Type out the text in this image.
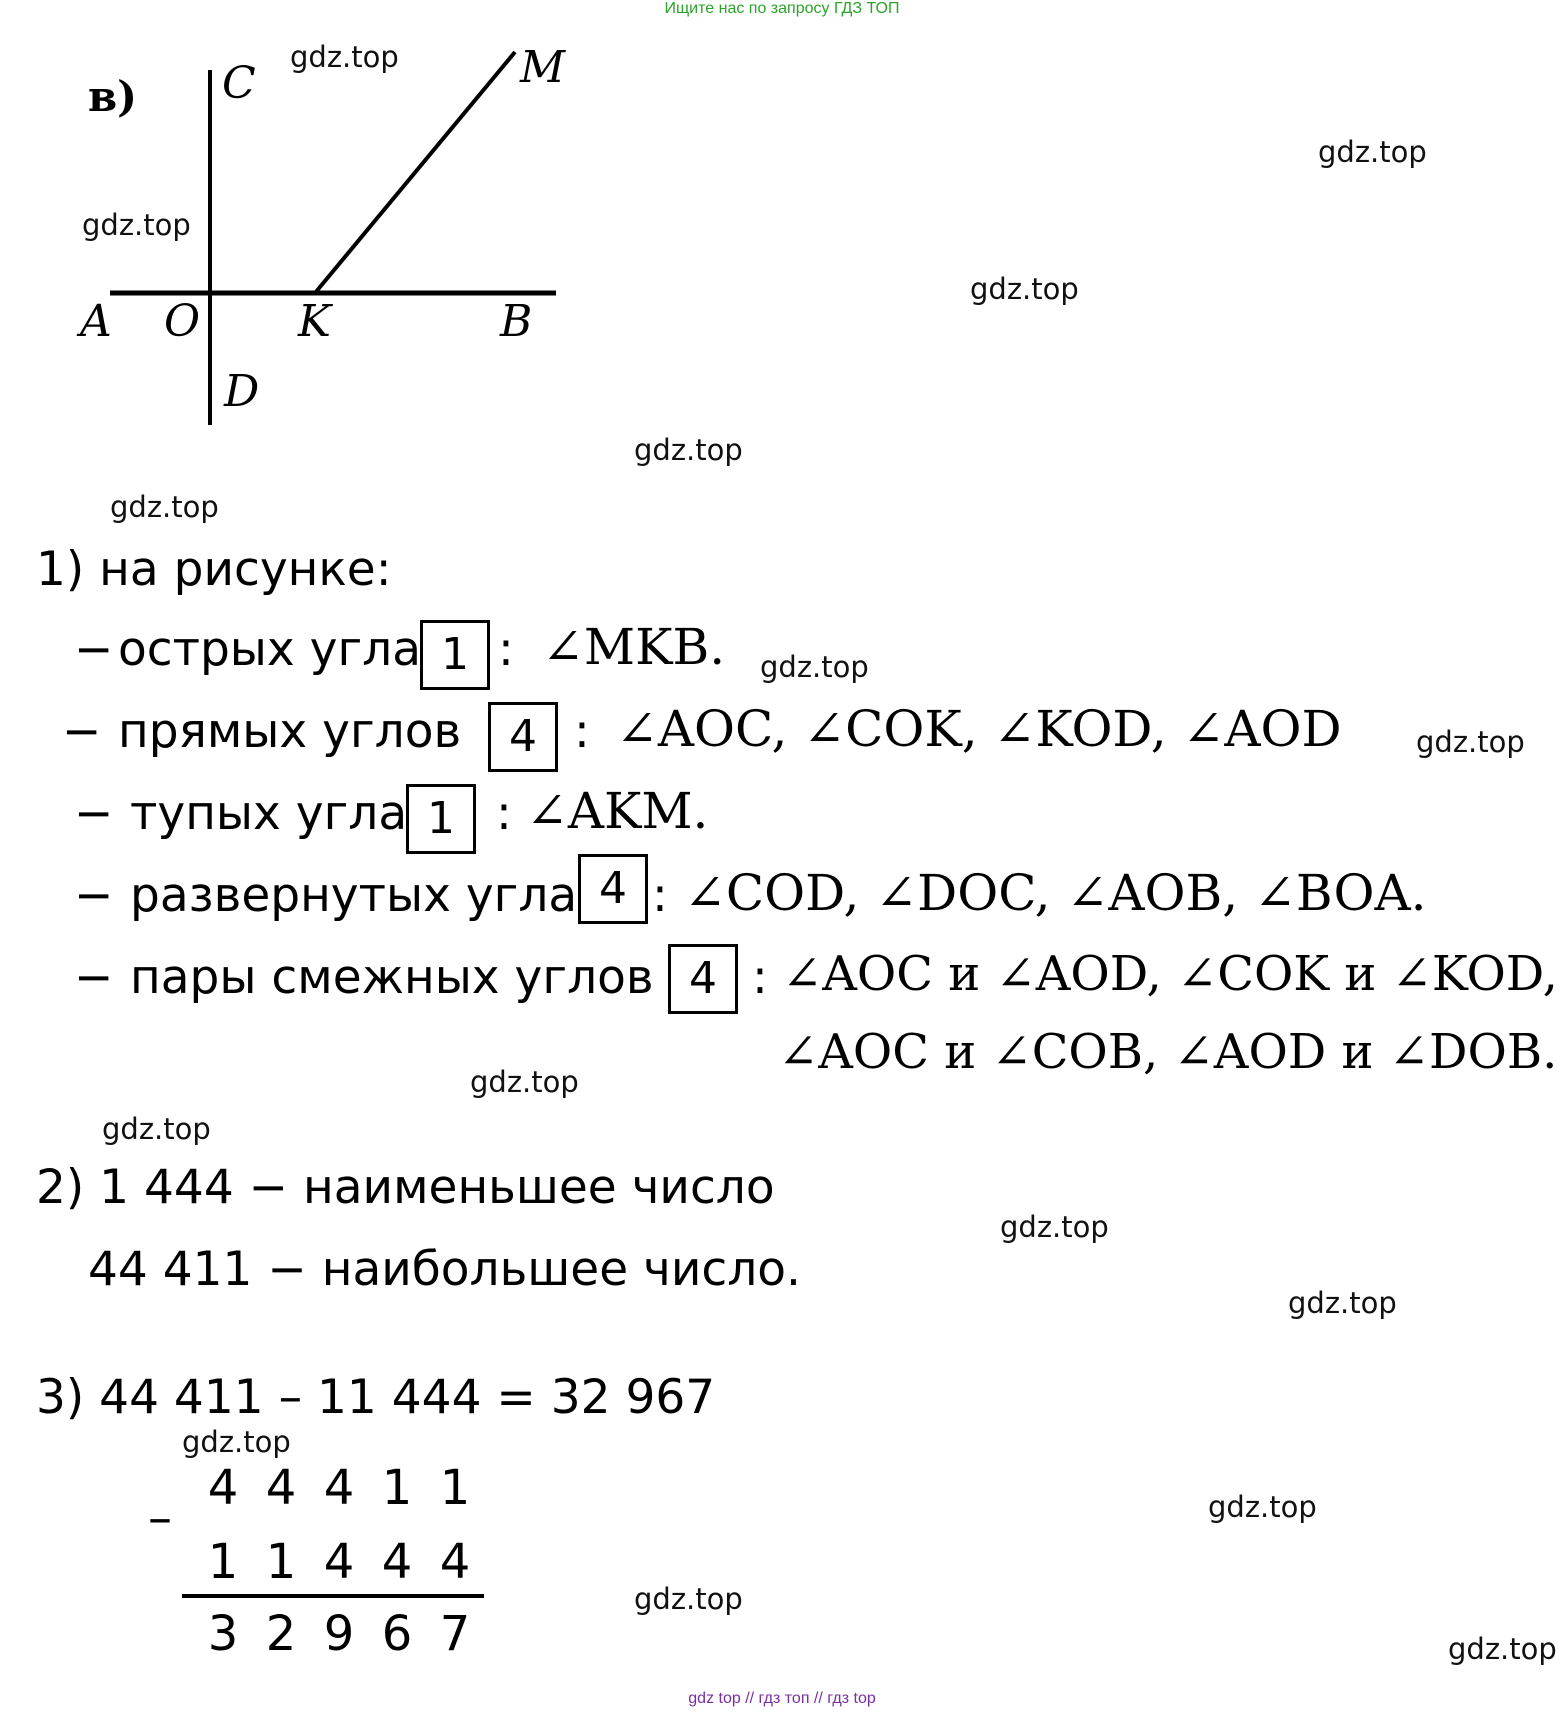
Ищите нас по запросу ГДЗ ТОП
gdz top // гдз топ // гдз top
gdz.top
gdz.top
gdz.top
gdz.top
gdz.top
gdz.top
gdz.top
gdz.top
gdz.top
gdz.top
gdz.top
gdz.top
gdz.top
gdz.top
gdz.top
gdz.top
в) C	M
A O K	B
D
1) на рисунке:
− острых угла 1 : ∠MKB.
− прямых углов	4 : ∠AOC, ∠COK, ∠KOD, ∠AOD
− тупых угла 1 : ∠AKM.
− развернутых угла 4 : ∠COD, ∠DOC, ∠AOB, ∠BOA.
− пары смежных углов 4 : ∠AOC и ∠AOD, ∠COK и ∠KOD,
∠AOC и ∠COB, ∠AOD и ∠DOB.
2) 1 444 − наименьшее число
44 411 − наибольшее число.
3) 44 411 – 11 444 = 32 967
–
4 4 4 1 1
1 1 4 4 4
3 2 9 6 7
